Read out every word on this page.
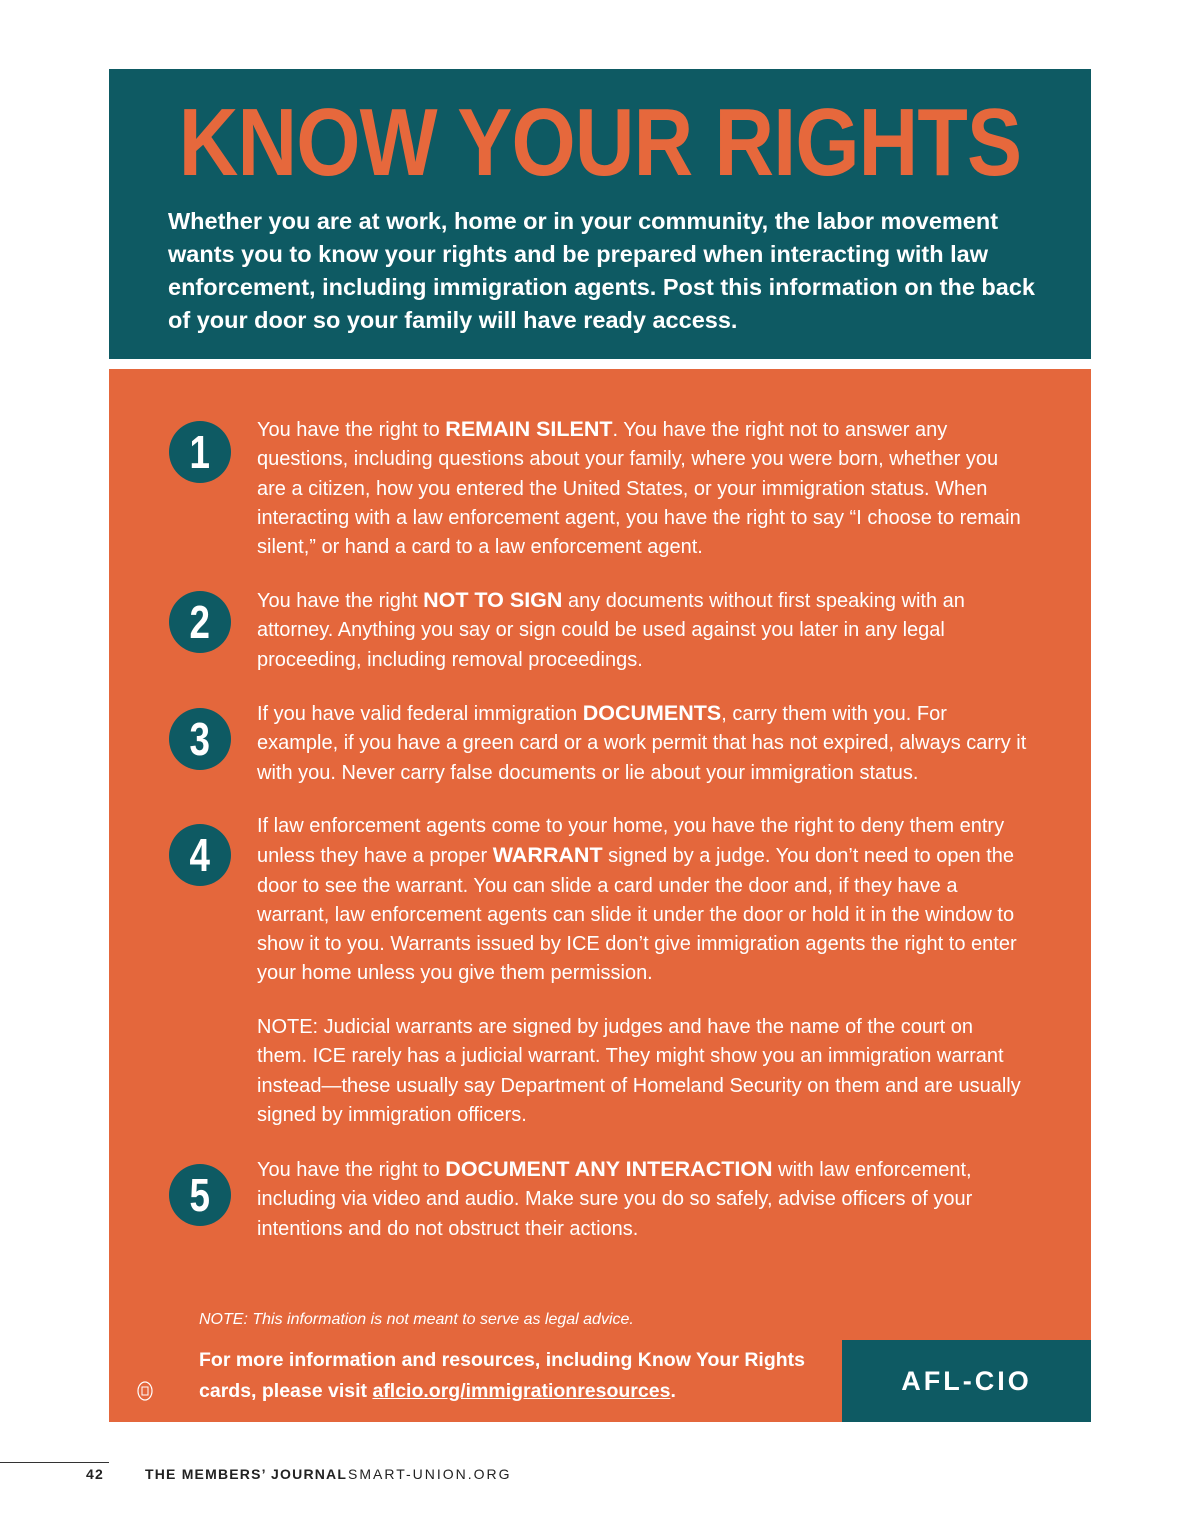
KNOW YOUR RIGHTS

Whether you are at work, home or in your community, the labor movement wants you to know your rights and be prepared when interacting with law enforcement, including immigration agents. Post this information on the back of your door so your family will have ready access.

1	You have the right to REMAIN SILENT. You have the right not to answer any questions, including questions about your family, where you were born, whether you are a citizen, how you entered the United States, or your immigration status. When interacting with a law enforcement agent, you have the right to say “I choose to remain silent,” or hand a card to a law enforcement agent.

2	You have the right NOT TO SIGN any documents without first speaking with an attorney. Anything you say or sign could be used against you later in any legal proceeding, including removal proceedings.

3	If you have valid federal immigration DOCUMENTS, carry them with you. For example, if you have a green card or a work permit that has not expired, always carry it with you. Never carry false documents or lie about your immigration status.

4

If law enforcement agents come to your home, you have the right to deny them entry unless they have a proper WARRANT signed by a judge. You don’t need to open the door to see the warrant. You can slide a card under the door and, if they have a warrant, law enforcement agents can slide it under the door or hold it in the window to show it to you. Warrants issued by ICE don’t give immigration agents the right to enter your home unless you give them permission.

NOTE: Judicial warrants are signed by judges and have the name of the court on them. ICE rarely has a judicial warrant. They might show you an immigration warrant instead—these usually say Department of Homeland Security on them and are usually signed by immigration officers.

5	You have the right to DOCUMENT ANY INTERACTION with law enforcement, including via video and audio. Make sure you do so safely, advise officers of your intentions and do not obstruct their actions.

NOTE: This information is not meant to serve as legal advice.

For more information and resources, including Know Your Rights cards, please visit aflcio.org/immigrationresources.	AFL-CIO
42	THE MEMBERS’ JOURNAL SMART-UNION.ORG
